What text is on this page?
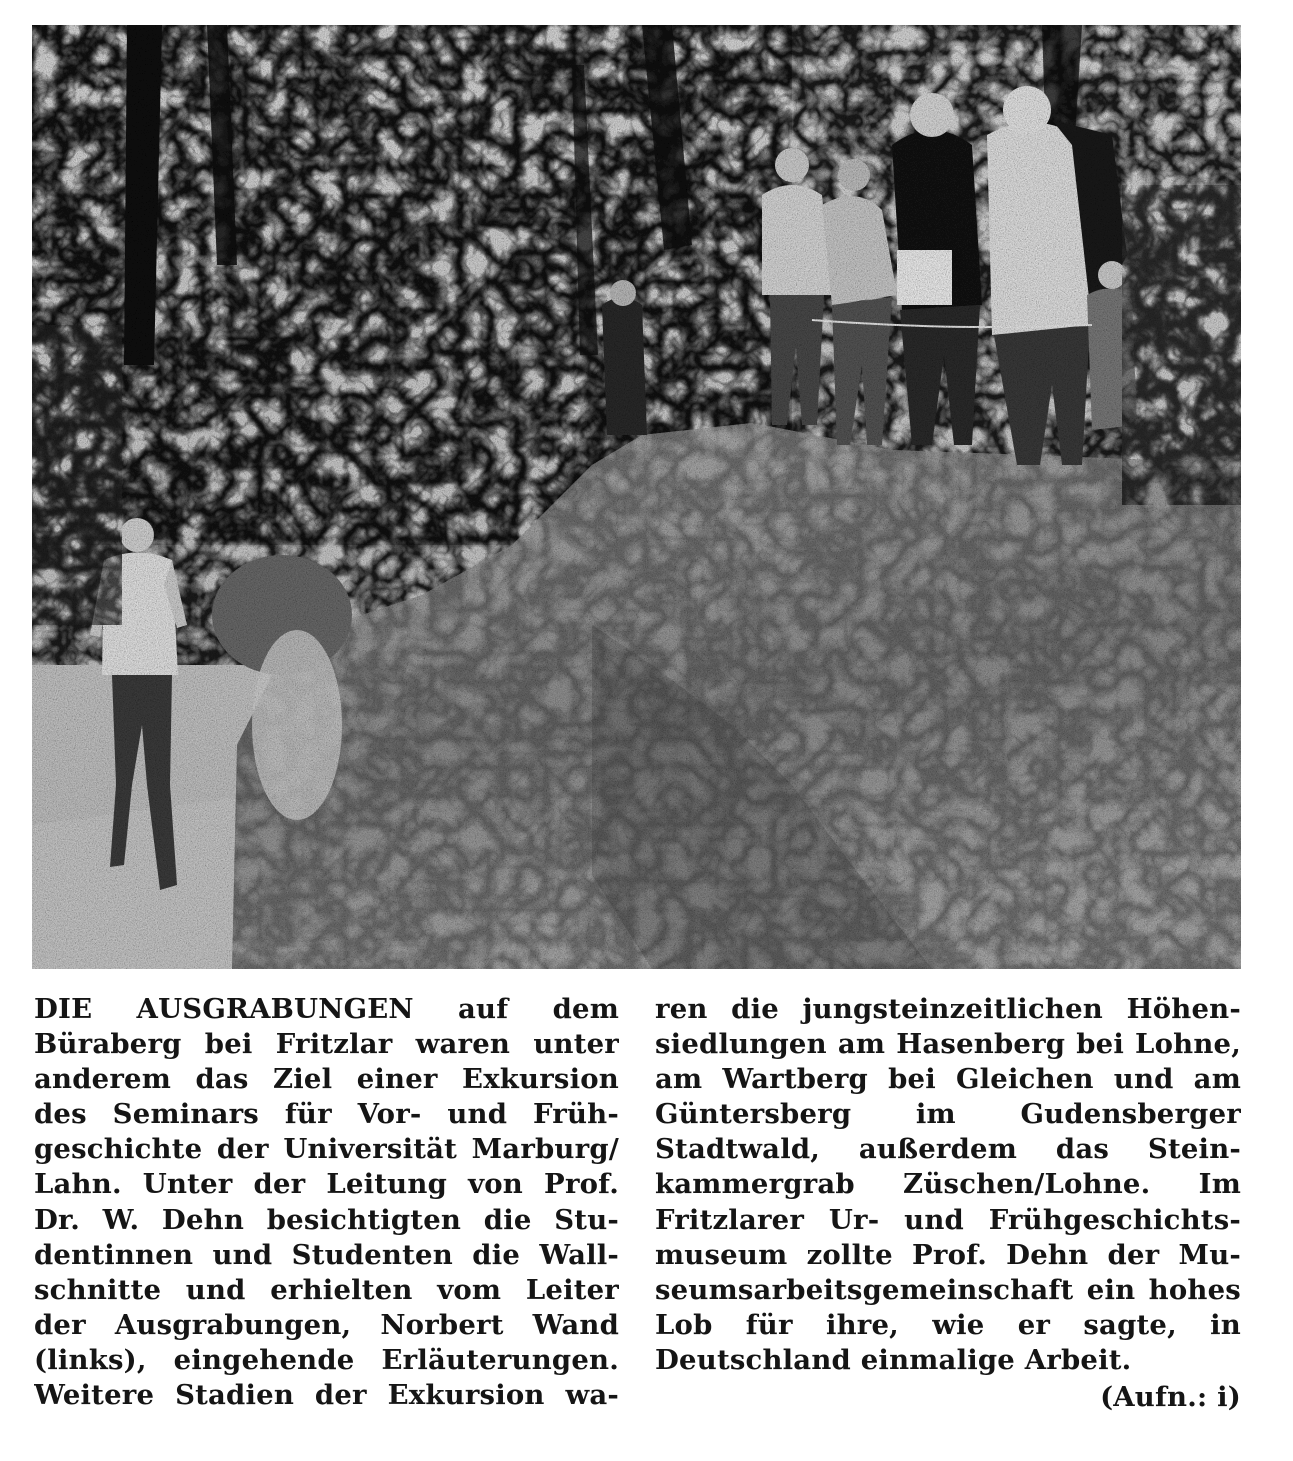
DIE AUSGRABUNGEN auf dem
Büraberg bei Fritzlar waren unter
anderem das Ziel einer Exkursion
des Seminars für Vor- und Früh-
geschichte der Universität Marburg/
Lahn. Unter der Leitung von Prof.
Dr. W. Dehn besichtigten die Stu-
dentinnen und Studenten die Wall-
schnitte und erhielten vom Leiter
der Ausgrabungen, Norbert Wand
(links), eingehende Erläuterungen.
Weitere Stadien der Exkursion wa-
ren die jungsteinzeitlichen Höhen-
siedlungen am Hasenberg bei Lohne,
am Wartberg bei Gleichen und am
Güntersberg im Gudensberger
Stadtwald, außerdem das Stein-
kammergrab Züschen/Lohne. Im
Fritzlarer Ur- und Frühgeschichts-
museum zollte Prof. Dehn der Mu-
seumsarbeitsgemeinschaft ein hohes
Lob für ihre, wie er sagte, in
Deutschland einmalige Arbeit.
(Aufn.: i)
